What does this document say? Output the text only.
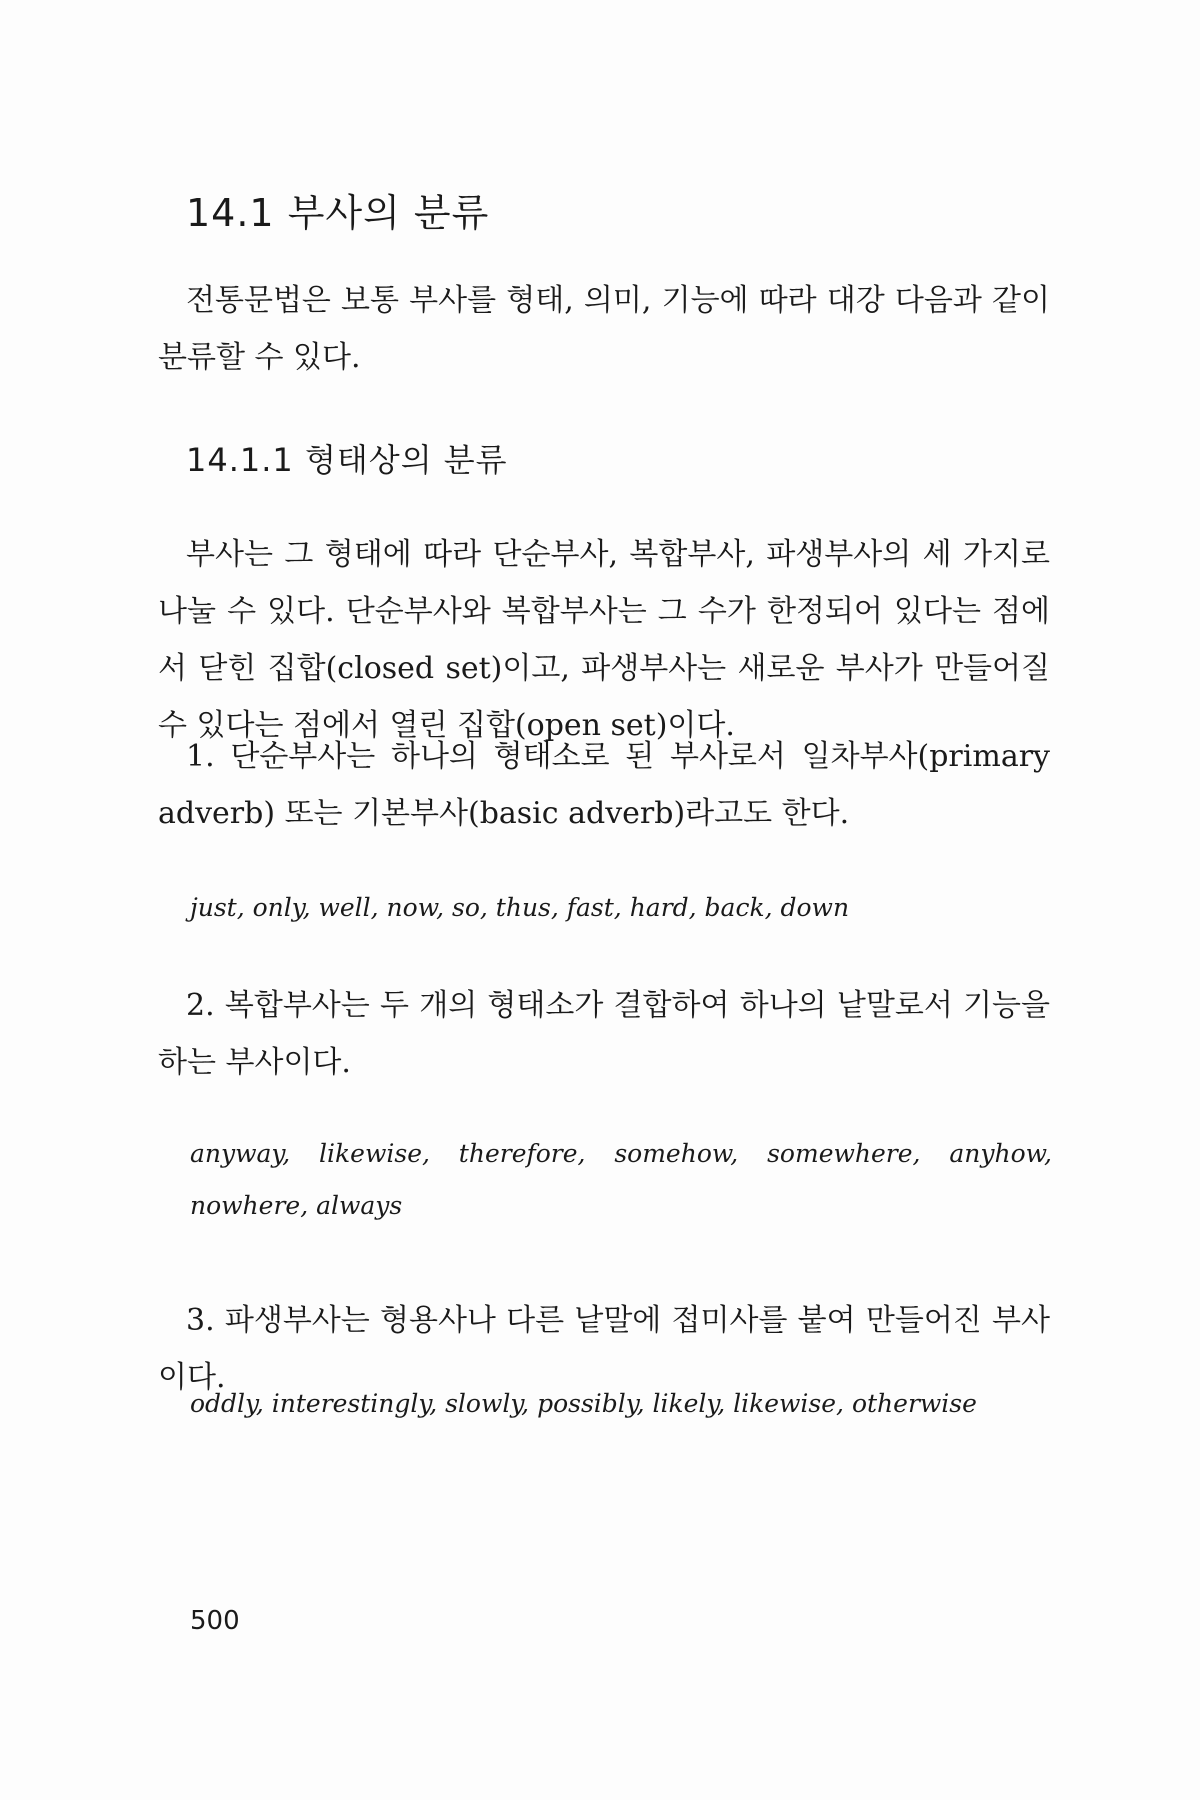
14.1 부사의 분류

전통문법은 보통 부사를 형태, 의미, 기능에 따라 대강 다음과 같이 분류할 수 있다.

14.1.1 형태상의 분류

부사는 그 형태에 따라 단순부사, 복합부사, 파생부사의 세 가지로 나눌 수 있다. 단순부사와 복합부사는 그 수가 한정되어 있다는 점에서 닫힌 집합(closed set)이고, 파생부사는 새로운 부사가 만들어질 수 있다는 점에서 열린 집합(open set)이다.

1. 단순부사는 하나의 형태소로 된 부사로서 일차부사(primary adverb) 또는 기본부사(basic adverb)라고도 한다.

just, only, well, now, so, thus, fast, hard, back, down

2. 복합부사는 두 개의 형태소가 결합하여 하나의 낱말로서 기능을 하는 부사이다.

anyway, likewise, therefore, somehow, somewhere, anyhow, nowhere, always

3. 파생부사는 형용사나 다른 낱말에 접미사를 붙여 만들어진 부사이다.

oddly, interestingly, slowly, possibly, likely, likewise, otherwise

500
